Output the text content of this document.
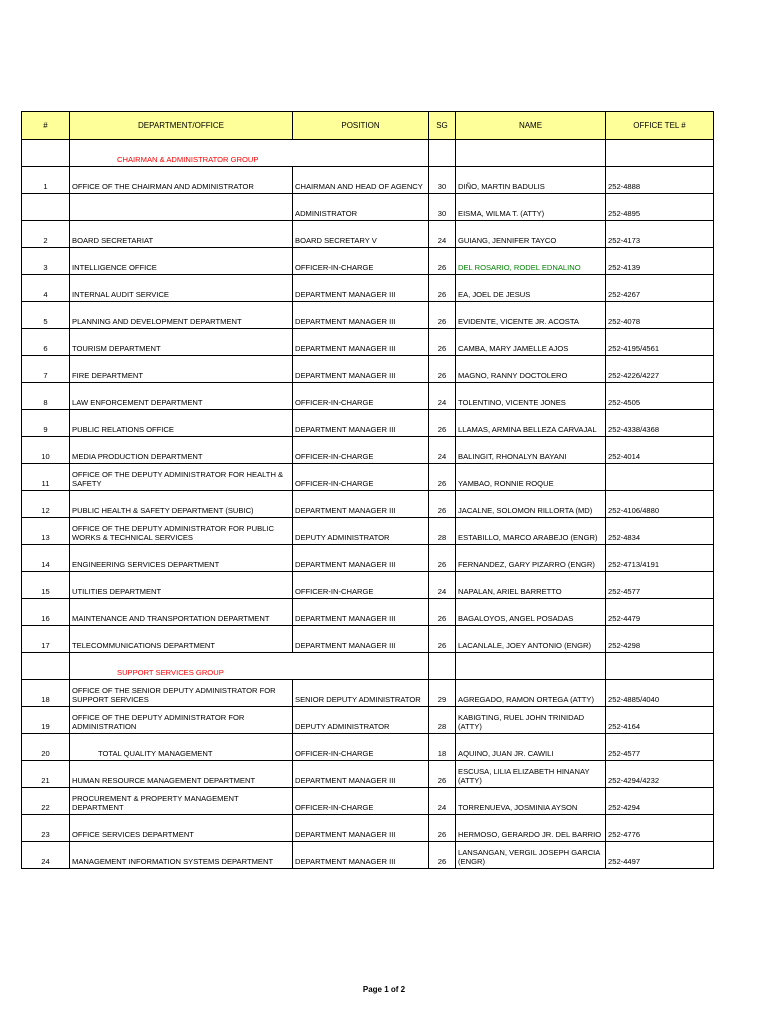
#	DEPARTMENT/OFFICE	POSITION	SG	NAME	OFFICE TEL #
	CHAIRMAN & ADMINISTRATOR GROUP				
1	OFFICE OF THE CHAIRMAN AND ADMINISTRATOR	CHAIRMAN AND HEAD OF AGENCY	30	DIÑO, MARTIN BADULIS	252-4888
		ADMINISTRATOR	30	EISMA, WILMA T. (ATTY)	252-4895
2	BOARD SECRETARIAT	BOARD SECRETARY V	24	GUIANG, JENNIFER TAYCO	252-4173
3	INTELLIGENCE OFFICE	OFFICER-IN-CHARGE	26	DEL ROSARIO, RODEL EDNALINO	252-4139
4	INTERNAL AUDIT SERVICE	DEPARTMENT MANAGER III	26	EA, JOEL DE JESUS	252-4267
5	PLANNING AND DEVELOPMENT DEPARTMENT	DEPARTMENT MANAGER III	26	EVIDENTE, VICENTE JR. ACOSTA	252-4078
6	TOURISM DEPARTMENT	DEPARTMENT MANAGER III	26	CAMBA, MARY JAMELLE AJOS	252-4195/4561
7	FIRE DEPARTMENT	DEPARTMENT MANAGER III	26	MAGNO, RANNY DOCTOLERO	252-4226/4227
8	LAW ENFORCEMENT DEPARTMENT	OFFICER-IN-CHARGE	24	TOLENTINO, VICENTE JONES	252-4505
9	PUBLIC RELATIONS OFFICE	DEPARTMENT MANAGER III	26	LLAMAS, ARMINA BELLEZA CARVAJAL	252-4338/4368
10	MEDIA PRODUCTION DEPARTMENT	OFFICER-IN-CHARGE	24	BALINGIT, RHONALYN BAYANI	252-4014
11	OFFICE OF THE DEPUTY ADMINISTRATOR FOR HEALTH & SAFETY	OFFICER-IN-CHARGE	26	YAMBAO, RONNIE ROQUE	
12	PUBLIC HEALTH & SAFETY DEPARTMENT (SUBIC)	DEPARTMENT MANAGER III	26	JACALNE, SOLOMON RILLORTA (MD)	252-4106/4880
13	OFFICE OF THE DEPUTY ADMINISTRATOR FOR PUBLIC WORKS & TECHNICAL SERVICES	DEPUTY ADMINISTRATOR	28	ESTABILLO, MARCO ARABEJO (ENGR)	252-4834
14	ENGINEERING SERVICES DEPARTMENT	DEPARTMENT MANAGER III	26	FERNANDEZ, GARY PIZARRO (ENGR)	252-4713/4191
15	UTILITIES DEPARTMENT	OFFICER-IN-CHARGE	24	NAPALAN, ARIEL BARRETTO	252-4577
16	MAINTENANCE AND TRANSPORTATION DEPARTMENT	DEPARTMENT MANAGER III	26	BAGALOYOS, ANGEL POSADAS	252-4479
17	TELECOMMUNICATIONS DEPARTMENT	DEPARTMENT MANAGER III	26	LACANLALE, JOEY ANTONIO (ENGR)	252-4298
	SUPPORT SERVICES GROUP				
18	OFFICE OF THE SENIOR DEPUTY ADMINISTRATOR FOR SUPPORT SERVICES	SENIOR DEPUTY ADMINISTRATOR	29	AGREGADO, RAMON ORTEGA (ATTY)	252-4885/4040
19	OFFICE OF THE DEPUTY ADMINISTRATOR FOR ADMINISTRATION	DEPUTY ADMINISTRATOR	28	KABIGTING, RUEL JOHN TRINIDAD (ATTY)	252-4164
20	TOTAL QUALITY MANAGEMENT	OFFICER-IN-CHARGE	18	AQUINO, JUAN JR. CAWILI	252-4577
21	HUMAN RESOURCE MANAGEMENT DEPARTMENT	DEPARTMENT MANAGER III	26	ESCUSA, LILIA ELIZABETH HINANAY (ATTY)	252-4294/4232
22	PROCUREMENT & PROPERTY MANAGEMENT DEPARTMENT	OFFICER-IN-CHARGE	24	TORRENUEVA, JOSMINIA AYSON	252-4294
23	OFFICE SERVICES DEPARTMENT	DEPARTMENT MANAGER III	26	HERMOSO, GERARDO JR. DEL BARRIO	252-4776
24	MANAGEMENT INFORMATION SYSTEMS DEPARTMENT	DEPARTMENT MANAGER III	26	LANSANGAN, VERGIL JOSEPH GARCIA (ENGR)	252-4497
Page 1 of 2
